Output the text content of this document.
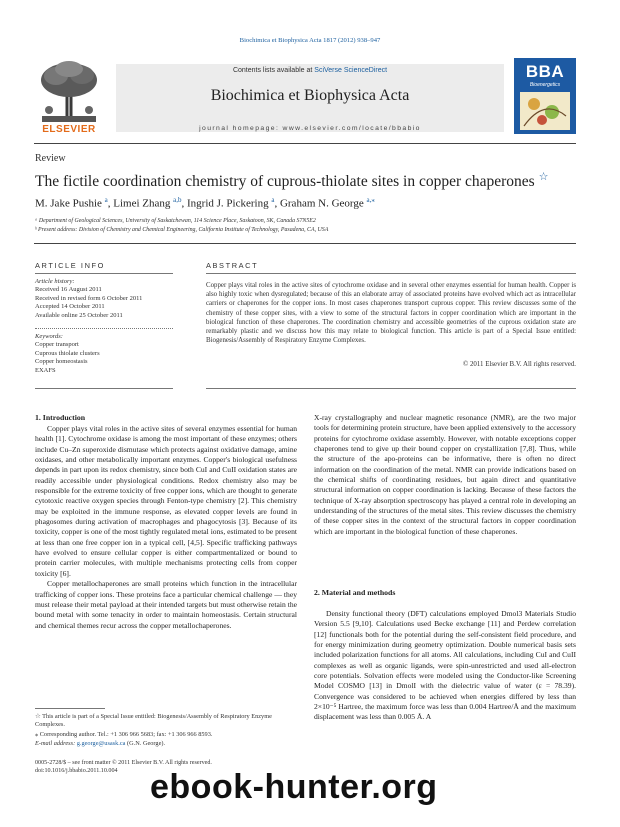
Biochimica et Biophysica Acta 1817 (2012) 938–947
ELSEVIER
Contents lists available at SciVerse ScienceDirect
Biochimica et Biophysica Acta
journal homepage: www.elsevier.com/locate/bbabio
BBA
Bioenergetics
Review
The fictile coordination chemistry of cuprous-thiolate sites in copper chaperones ☆
M. Jake Pushie $^a$, Limei Zhang $^{a,b}$, Ingrid J. Pickering $^a$, Graham N. George $^{a,⁎}$
ᵃ Department of Geological Sciences, University of Saskatchewan, 114 Science Place, Saskatoon, SK, Canada S7N5E2
ᵇ Present address: Division of Chemistry and Chemical Engineering, California Institute of Technology, Pasadena, CA, USA
ARTICLE INFO
Article history:
Received 16 August 2011
Received in revised form 6 October 2011
Accepted 14 October 2011
Available online 25 October 2011
Keywords:
Copper transport
Cuprous thiolate clusters
Copper homeostasis
EXAFS
ABSTRACT
Copper plays vital roles in the active sites of cytochrome oxidase and in several other enzymes essential for human health. Copper is also highly toxic when dysregulated; because of this an elaborate array of associated proteins have evolved which act as intracellular carriers or chaperones for the copper ions. In most cases chaperones transport cuprous copper. This review discusses some of the chemistry of these copper sites, with a view to some of the structural factors in copper coordination which are important in the biological function of these chaperones. The coordination chemistry and accessible geometries of the cuprous oxidation state are remarkably plastic and we discuss how this may relate to biological function. This article is part of a Special Issue entitled: Biogenesis/Assembly of Respiratory Enzyme Complexes.
© 2011 Elsevier B.V. All rights reserved.
1. Introduction

Copper plays vital roles in the active sites of several enzymes essential for human health [1]. Cytochrome oxidase is among the most important of these enzymes; others include Cu–Zn superoxide dismutase which protects against oxidative damage, amine oxidases, and other metabolically important enzymes. Copper's biological usefulness depends in part upon its redox chemistry, since both CuI and CuII oxidation states are readily accessible under physiological conditions. Redox chemistry also may be responsible for the extreme toxicity of free copper ions, which are thought to generate cytotoxic reactive oxygen species through Fenton-type chemistry [2]. This chemistry may be exploited in the immune response, as elevated copper levels are found in phagosomes during activation of macrophages and phagocytosis [3]. Because of its toxicity, copper is one of the most tightly regulated metal ions, estimated to be present at less than one free copper ion in a typical cell, [4,5]. Specific trafficking pathways have evolved to ensure cellular copper is either compartmentalized or bound to protein carrier molecules, with multiple mechanisms protecting cells from copper toxicity [6].

Copper metallochaperones are small proteins which function in the intracellular trafficking of copper ions. These proteins face a particular chemical challenge — they must release their metal payload at their intended targets but must otherwise retain the bound metal with some tenacity in order to maintain homeostasis. Certain structural and chemical themes recur across the copper metallochaperones.

X-ray crystallography and nuclear magnetic resonance (NMR), are the two major tools for determining protein structure, have been applied extensively to the accessory proteins for cytochrome oxidase assembly. However, with notable exceptions copper chaperones tend to give up their bound copper on crystallization [7,8]. Thus, while the structure of the apo-proteins can be informative, there is often no direct information on the coordination of the metal. NMR can provide indications based on the chemical shifts of coordinating residues, but again direct and quantitative structural information on copper coordination is lacking. Because of these factors the technique of X-ray absorption spectroscopy has played a central role in developing an understanding of the structures of the metal sites. This review discusses the chemistry of these copper sites in the context of the structural factors in copper coordination which are important in the biological function of these chaperones.

2. Material and methods

Density functional theory (DFT) calculations employed Dmol3 Materials Studio Version 5.5 [9,10]. Calculations used Becke exchange [11] and Perdew correlation [12] functionals both for the potential during the self-consistent field procedure, and for energy minimization during geometry optimization. Double numerical basis sets included polarization functions for all atoms. All calculations, including CuI and CuII complexes as well as organic ligands, were spin-unrestricted and used all-electron core potentials. Solvation effects were modeled using the Conductor-like Screening Model COSMO [13] in DmolI with the dielectric value of water (ε = 78.39). Convergence was considered to be achieved when energies differed by less than 2×10⁻⁵ Hartree, the maximum force was less than 0.004 Hartree/Å and the maximum displacement was less than 0.005 Å. A

☆ This article is part of a Special Issue entitled: Biogenesis/Assembly of Respiratory Enzyme Complexes.
⁎ Corresponding author. Tel.: +1 306 966 5683; fax: +1 306 966 8593.
E-mail address: g.george@usask.ca (G.N. George).
0005-2728/$ – see front matter © 2011 Elsevier B.V. All rights reserved.
doi:10.1016/j.bbabio.2011.10.004 ebook-hunter.org
